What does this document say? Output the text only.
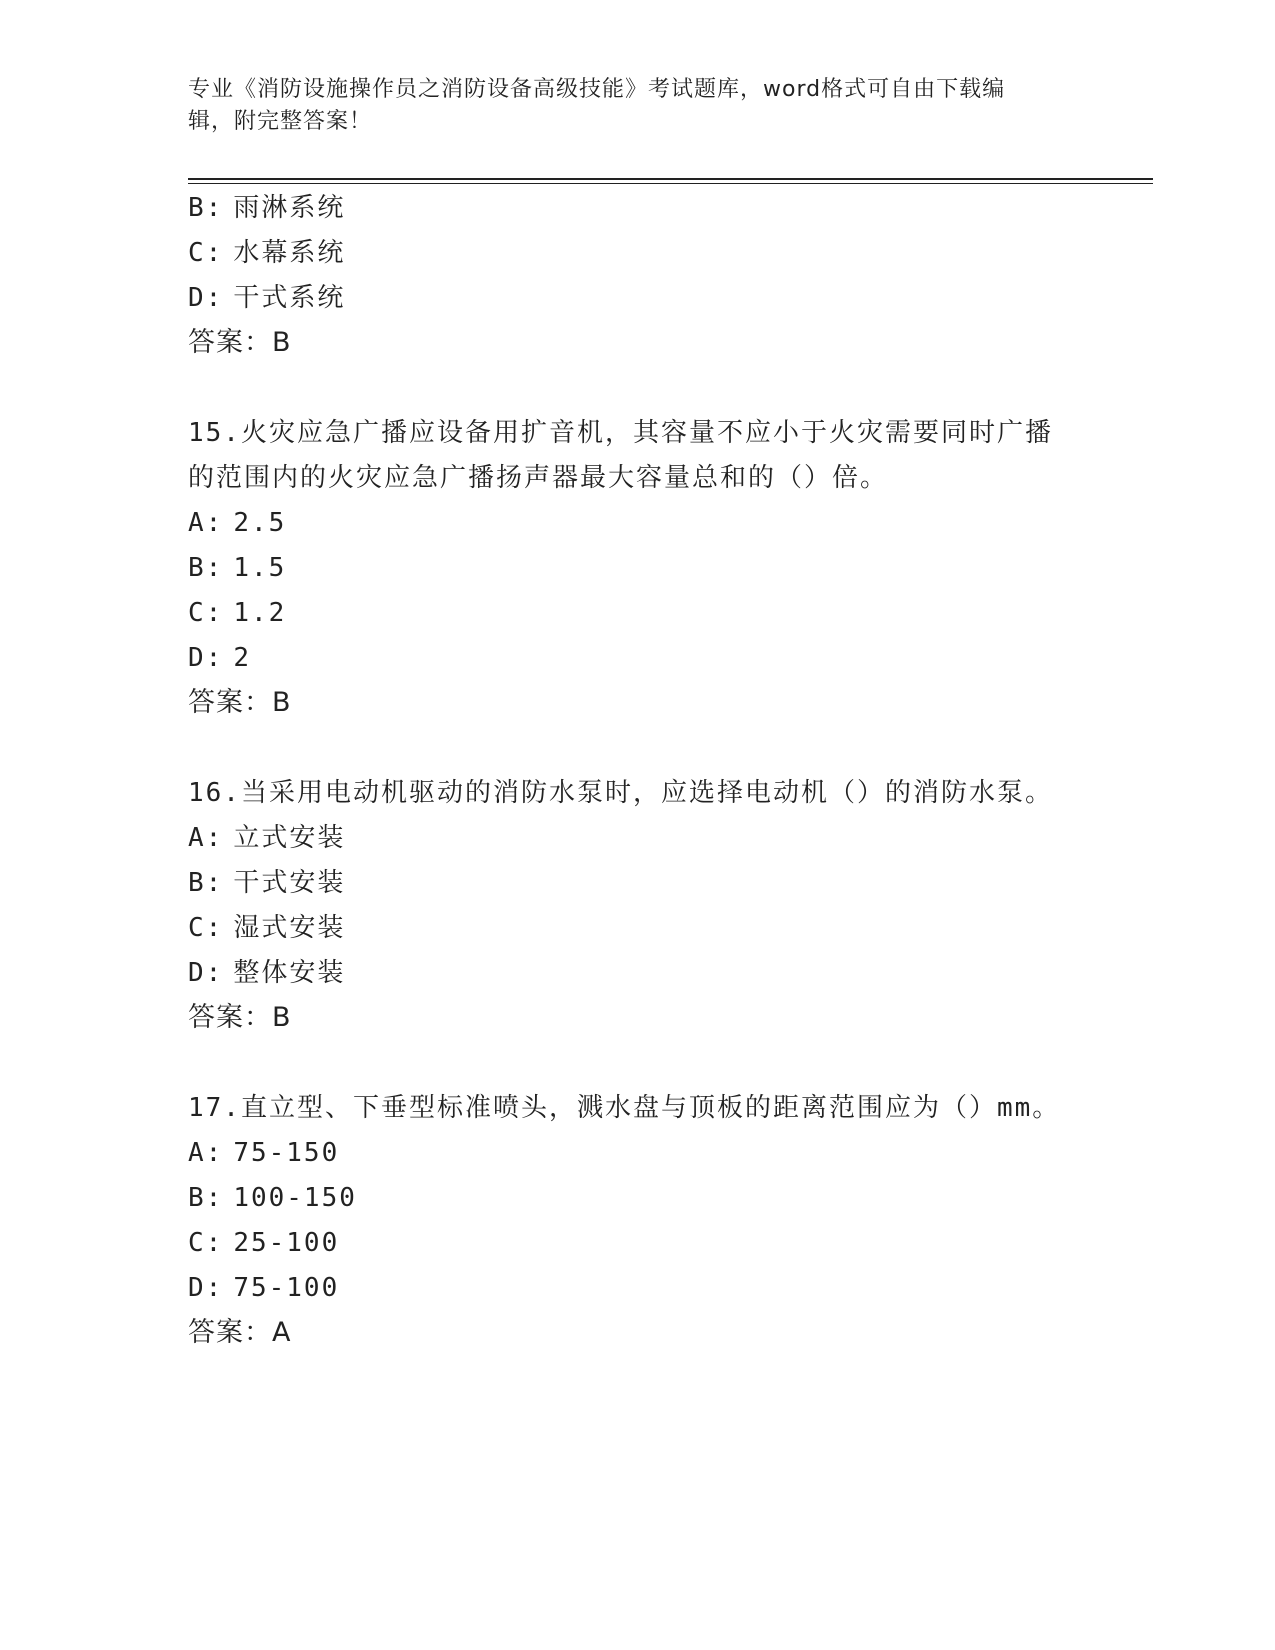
专业《消防设施操作员之消防设备高级技能》考试题库，word格式可自由下载编
辑，附完整答案！
B: 雨淋系统
C: 水幕系统
D: 干式系统
答案：B
15.火灾应急广播应设备用扩音机，其容量不应小于火灾需要同时广播
的范围内的火灾应急广播扬声器最大容量总和的（）倍。
A: 2.5
B: 1.5
C: 1.2
D: 2
答案：B
16.当采用电动机驱动的消防水泵时，应选择电动机（）的消防水泵。
A: 立式安装
B: 干式安装
C: 湿式安装
D: 整体安装
答案：B
17.直立型、下垂型标准喷头，溅水盘与顶板的距离范围应为（）mm。
A: 75-150
B: 100-150
C: 25-100
D: 75-100
答案：A
